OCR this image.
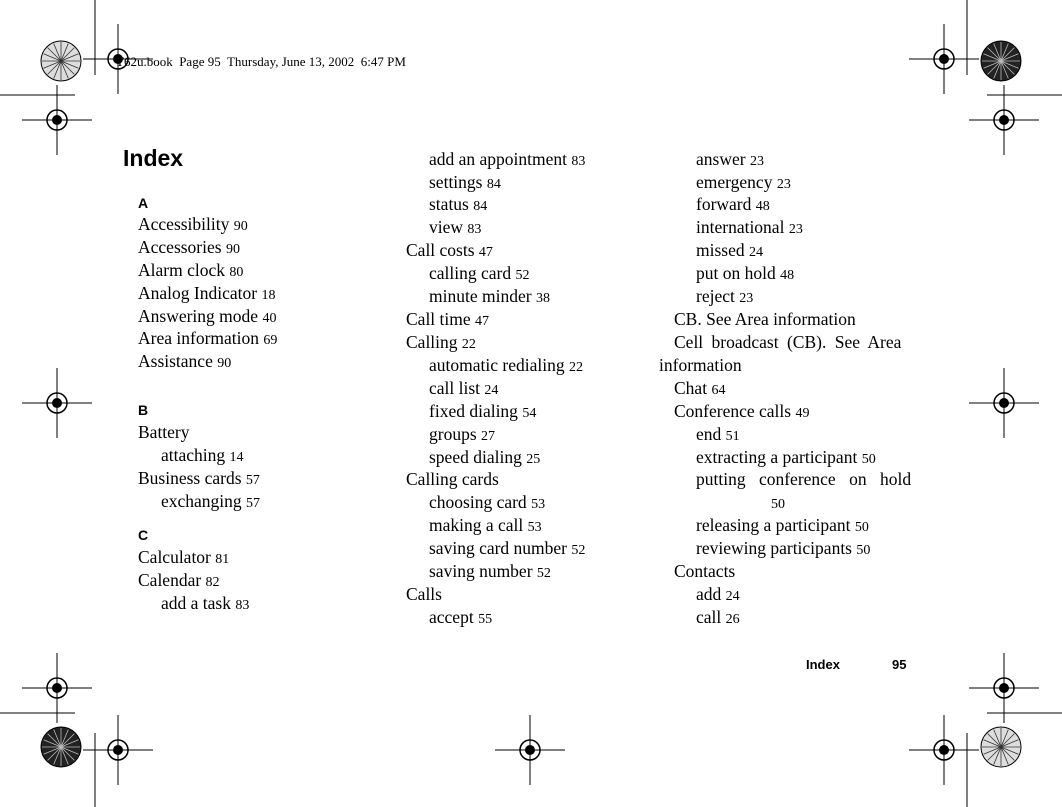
T62u.book  Page 95  Thursday, June 13, 2002  6:47 PM
Index
A
Accessibility 90
Accessories 90
Alarm clock 80
Analog Indicator 18
Answering mode 40
Area information 69
Assistance 90
B
Battery
attaching 14
Business cards 57
exchanging 57
C
Calculator 81
Calendar 82
add a task 83
add an appointment 83
settings 84
status 84
view 83
Call costs 47
calling card 52
minute minder 38
Call time 47
Calling 22
automatic redialing 22
call list 24
fixed dialing 54
groups 27
speed dialing 25
Calling cards
choosing card 53
making a call 53
saving card number 52
saving number 52
Calls
accept 55
answer 23
emergency 23
forward 48
international 23
missed 24
put on hold 48
reject 23
CB. See Area information
Cell broadcast (CB). See Area
information
Chat 64
Conference calls 49
end 51
extracting a participant 50
putting conference on hold
50
releasing a participant 50
reviewing participants 50
Contacts
add 24
call 26
Index	95
